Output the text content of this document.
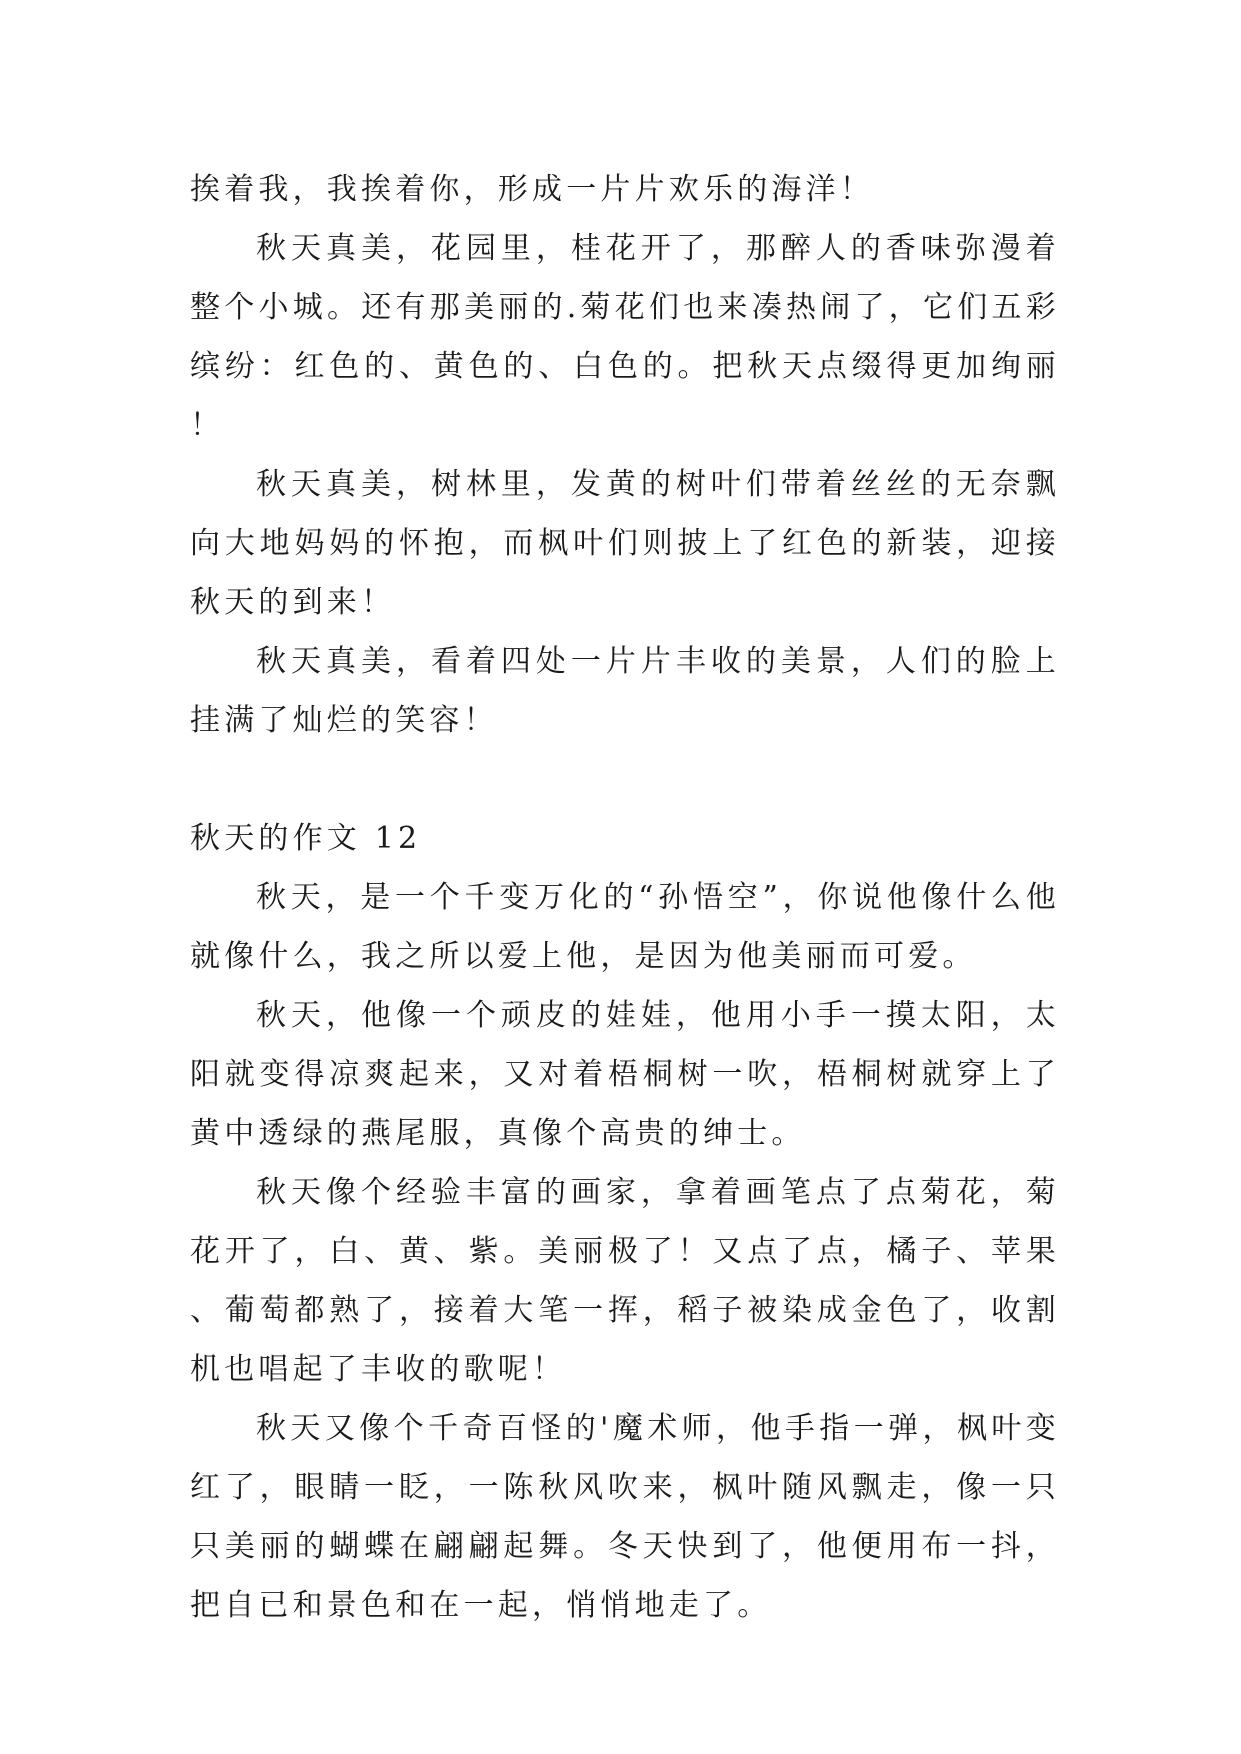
挨着我，我挨着你，形成一片片欢乐的海洋！

秋天真美，花园里，桂花开了，那醉人的香味弥漫着整个小城。还有那美丽的.菊花们也来凑热闹了，它们五彩缤纷：红色的、黄色的、白色的。把秋天点缀得更加绚丽！

秋天真美，树林里，发黄的树叶们带着丝丝的无奈飘向大地妈妈的怀抱，而枫叶们则披上了红色的新装，迎接秋天的到来！

秋天真美，看着四处一片片丰收的美景，人们的脸上挂满了灿烂的笑容！

秋天的作文 12

秋天，是一个千变万化的“孙悟空”，你说他像什么他就像什么，我之所以爱上他，是因为他美丽而可爱。

秋天，他像一个顽皮的娃娃，他用小手一摸太阳，太阳就变得凉爽起来，又对着梧桐树一吹，梧桐树就穿上了黄中透绿的燕尾服，真像个高贵的绅士。

秋天像个经验丰富的画家，拿着画笔点了点菊花，菊花开了，白、黄、紫。美丽极了！又点了点，橘子、苹果、葡萄都熟了，接着大笔一挥，稻子被染成金色了，收割机也唱起了丰收的歌呢！

秋天又像个千奇百怪的'魔术师，他手指一弹，枫叶变红了，眼睛一眨，一陈秋风吹来，枫叶随风飘走，像一只只美丽的蝴蝶在翩翩起舞。冬天快到了，他便用布一抖，把自已和景色和在一起，悄悄地走了。
